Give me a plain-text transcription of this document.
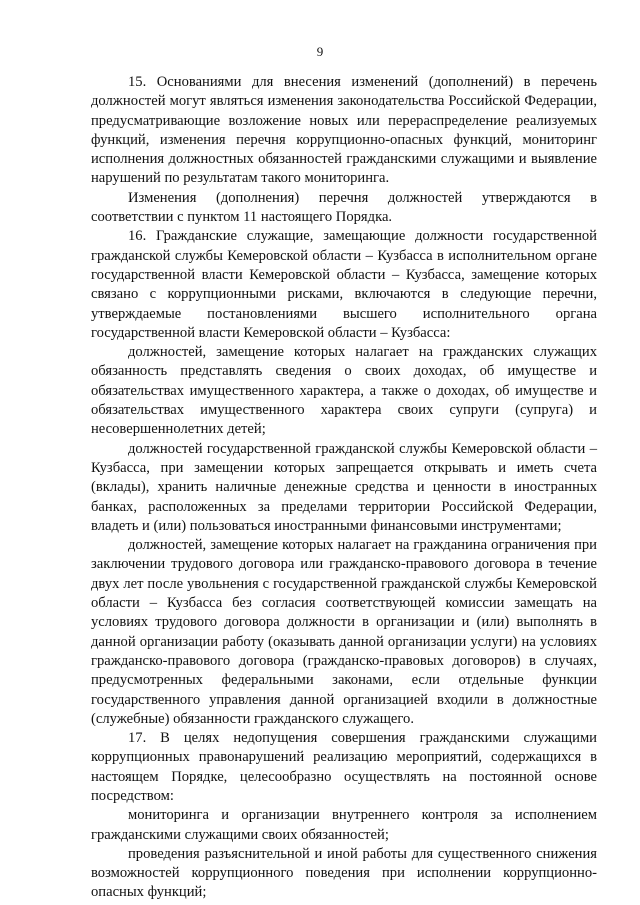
9

15. Основаниями для внесения изменений (дополнений) в перечень должностей могут являться изменения законодательства Российской Федерации, предусматривающие возложение новых или перераспределение реализуемых функций, изменения перечня коррупционно-опасных функций, мониторинг исполнения должностных обязанностей гражданскими служащими и выявление нарушений по результатам такого мониторинга.

Изменения (дополнения) перечня должностей утверждаются в соответствии с пунктом 11 настоящего Порядка.

16. Гражданские служащие, замещающие должности государственной гражданской службы Кемеровской области – Кузбасса в исполнительном органе государственной власти Кемеровской области – Кузбасса, замещение которых связано с коррупционными рисками, включаются в следующие перечни, утверждаемые постановлениями высшего исполнительного органа государственной власти Кемеровской области – Кузбасса:

должностей, замещение которых налагает на гражданских служащих обязанность представлять сведения о своих доходах, об имуществе и обязательствах имущественного характера, а также о доходах, об имуществе и обязательствах имущественного характера своих супруги (супруга) и несовершеннолетних детей;

должностей государственной гражданской службы Кемеровской области – Кузбасса, при замещении которых запрещается открывать и иметь счета (вклады), хранить наличные денежные средства и ценности в иностранных банках, расположенных за пределами территории Российской Федерации, владеть и (или) пользоваться иностранными финансовыми инструментами;

должностей, замещение которых налагает на гражданина ограничения при заключении трудового договора или гражданско-правового договора в течение двух лет после увольнения с государственной гражданской службы Кемеровской области – Кузбасса без согласия соответствующей комиссии замещать на условиях трудового договора должности в организации и (или) выполнять в данной организации работу (оказывать данной организации услуги) на условиях гражданско-правового договора (гражданско-правовых договоров) в случаях, предусмотренных федеральными законами, если отдельные функции государственного управления данной организацией входили в должностные (служебные) обязанности гражданского служащего.

17. В целях недопущения совершения гражданскими служащими коррупционных правонарушений реализацию мероприятий, содержащихся в настоящем Порядке, целесообразно осуществлять на постоянной основе посредством:

мониторинга и организации внутреннего контроля за исполнением гражданскими служащими своих обязанностей;

проведения разъяснительной и иной работы для существенного снижения возможностей коррупционного поведения при исполнении коррупционно-опасных функций;
